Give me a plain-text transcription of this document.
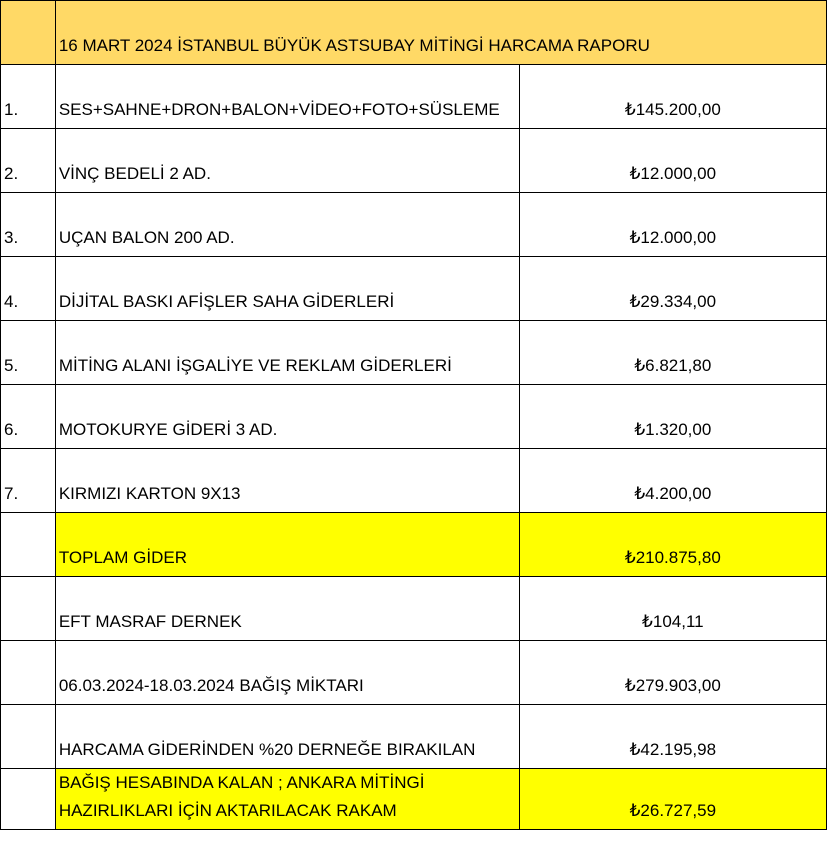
	16 MART 2024 İSTANBUL BÜYÜK ASTSUBAY MİTİNGİ HARCAMA RAPORU	
1.	SES+SAHNE+DRON+BALON+VİDEO+FOTO+SÜSLEME	₺145.200,00
2.	VİNÇ BEDELİ 2 AD.	₺12.000,00
3.	UÇAN BALON 200 AD.	₺12.000,00
4.	DİJİTAL BASKI AFİŞLER SAHA GİDERLERİ	₺29.334,00
5.	MİTİNG ALANI İŞGALİYE VE REKLAM GİDERLERİ	₺6.821,80
6.	MOTOKURYE GİDERİ 3 AD.	₺1.320,00
7.	KIRMIZI KARTON 9X13	₺4.200,00
	TOPLAM GİDER	₺210.875,80
	EFT MASRAF DERNEK	₺104,11
	06.03.2024-18.03.2024 BAĞIŞ MİKTARI	₺279.903,00
	HARCAMA GİDERİNDEN %20 DERNEĞE BIRAKILAN	₺42.195,98
	BAĞIŞ HESABINDA KALAN ; ANKARA MİTİNGİ HAZIRLIKLARI İÇİN AKTARILACAK RAKAM	₺26.727,59
